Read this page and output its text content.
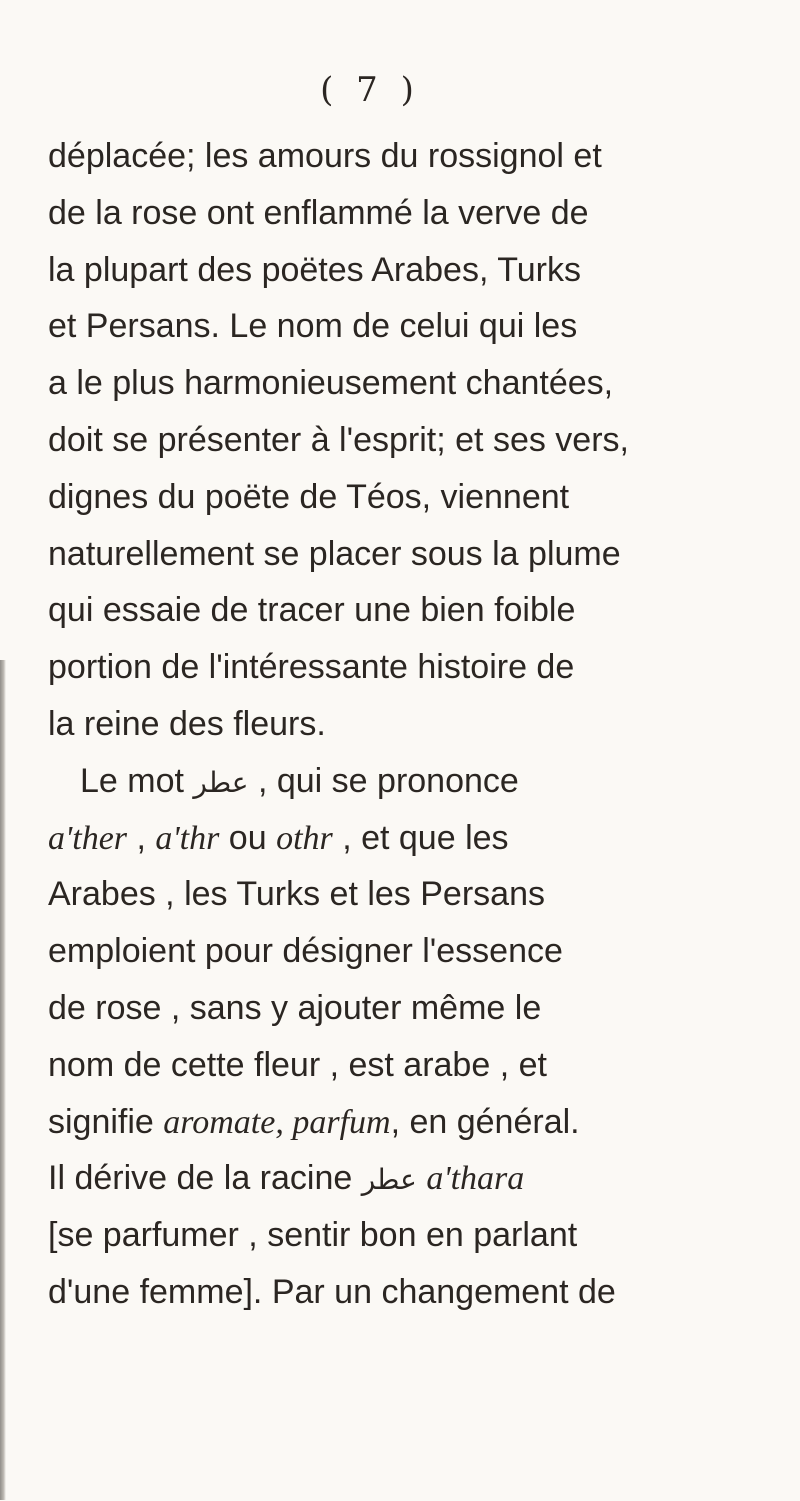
( 7 )
déplacée; les amours du rossignol et
de la rose ont enflammé la verve de
la plupart des poëtes Arabes, Turks
et Persans. Le nom de celui qui les
a le plus harmonieusement chantées,
doit se présenter à l'esprit; et ses vers,
dignes du poëte de Téos, viennent
naturellement se placer sous la plume
qui essaie de tracer une bien foible
portion de l'intéressante histoire de
la reine des fleurs.
Le mot عطر , qui se prononce
a'ther , a'thr ou othr , et que les
Arabes , les Turks et les Persans
emploient pour désigner l'essence
de rose , sans y ajouter même le
nom de cette fleur , est arabe , et
signifie aromate, parfum, en général.
Il dérive de la racine عطر a'thara
[se parfumer , sentir bon en parlant
d'une femme]. Par un changement de
